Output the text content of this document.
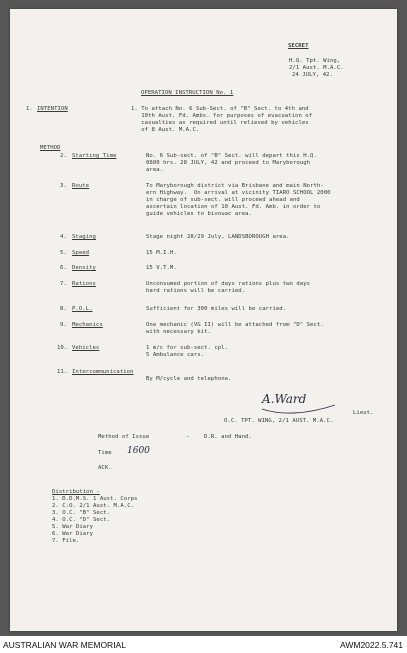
SECRET
H.Q. Tpt. Wing,
2/1 Aust. M.A.C.
24 JULY, 42.
OPERATION INSTRUCTION No. 1
1. INTENTION	1. To attach No. 6 Sub-Sect. of "B" Sect. to 4th and
10th Aust. Fd. Ambs. for purposes of evacuation of
casualties as required until relieved by vehicles
of 8 Aust. M.A.C.
METHOD
2. Starting Time	No. 6 Sub-sect. of "B" Sect. will depart this H.Q.
0800 hrs. 28 JULY, 42 and proceed to Maryborough
area.
3. Route	To Maryborough district via Brisbane and main North-
ern Highway.  On arrival at vicinity TIARO SCHOOL 2000
in charge of sub-sect. will proceed ahead and
ascertain location of 10 Aust. Fd. Amb. in order to
guide vehicles to bivouac area.
4. Staging	Stage night 28/29 July, LANDSBOROUGH area.
5. Speed	15 M.I.H.
6. Density	15 V.T.M.
7. Rations	Unconsumed portion of days rations plus two days
hard rations will be carried.
8. P.O.L.	Sufficient for 300 miles will be carried.
9. Mechanics	One mechanic (VG II) will be attached from "D" Sect.
with necessary kit.
10. Vehicles	1 m/c for sub-sect. cpl.
5 Ambulance cars.
11. Intercommunication
By M/cycle and telephone.
A.Ward
Lieut.
O.C. TPT. WING, 2/1 AUST. M.A.C.
Method of Issue	-	D.R. and Hand.
Time 1600
ACK.
Distribution -
1. D.D.M.S. 1 Aust. Corps
2. C.O. 2/1 Aust. M.A.C.
3. O.C. "B" Sect.
4. O.C. "D" Sect.
5. War Diary
6. War Diary
7. File.
AUSTRALIAN WAR MEMORIAL	AWM2022.5.741
